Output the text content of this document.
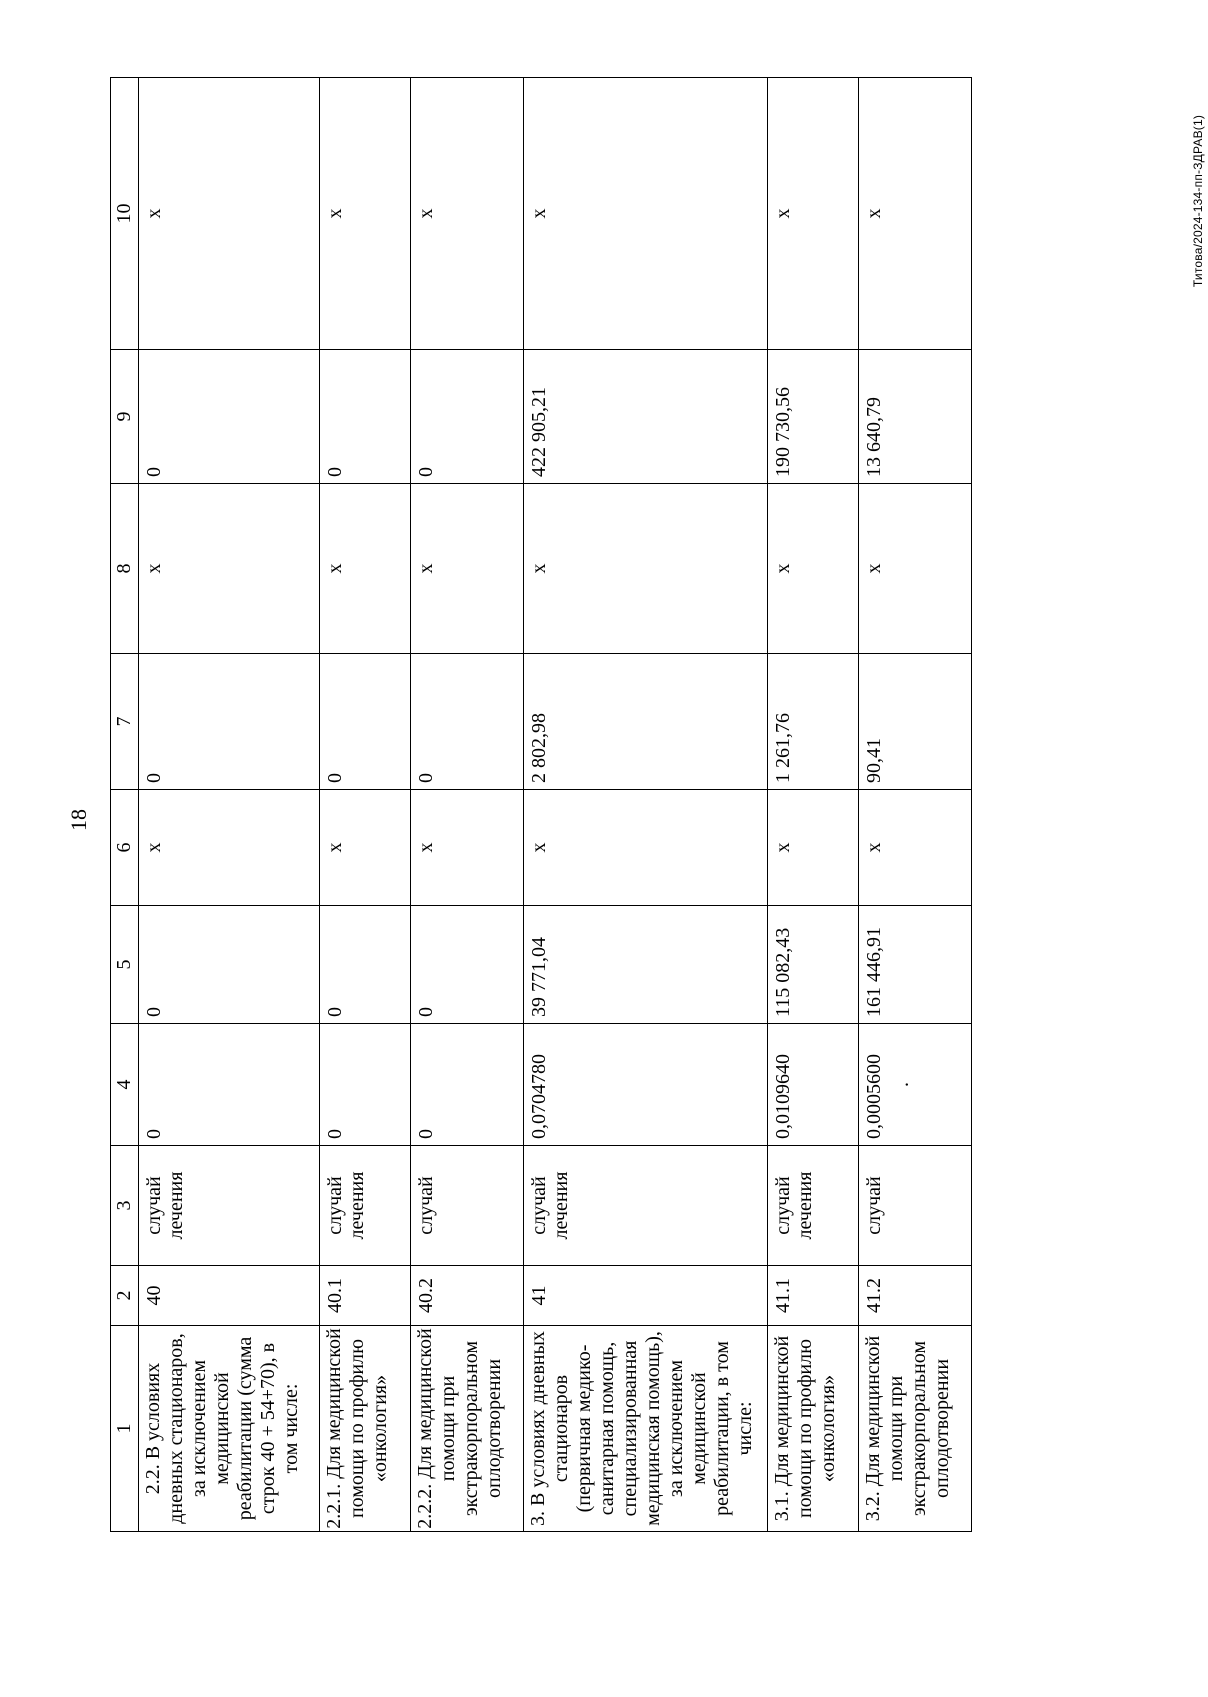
18
Титова/2024-134-пп-ЗДРАВ(1)
1	2	3	4	5	6	7	8	9	10
2.2. В условиях дневных стационаров, за исключением медицинской реабилитации (сумма строк 40 + 54+70), в том числе:	40	случай лечения	0	0	х	0	х	0	х
2.2.1. Для медицинской помощи по профилю «онкология»	40.1	случай лечения	0	0	х	0	х	0	х
2.2.2. Для медицинской помощи при экстракорпоральном оплодотворении	40.2	случай	0	0	х	0	х	0	х
3. В условиях дневных стационаров (первичная медико-санитарная помощь, специализированная медицинская помощь), за исключением медицинской реабилитации, в том числе:	41	случай лечения	0,0704780	39 771,04	х	2 802,98	х	422 905,21	х
3.1. Для медицинской помощи по профилю «онкология»	41.1	случай лечения	0,0109640	115 082,43	х	1 261,76	х	190 730,56	х
3.2. Для медицинской помощи при экстракорпоральном оплодотворении	41.2	случай	0,0005600 .	161 446,91	х	90,41	х	13 640,79	х
